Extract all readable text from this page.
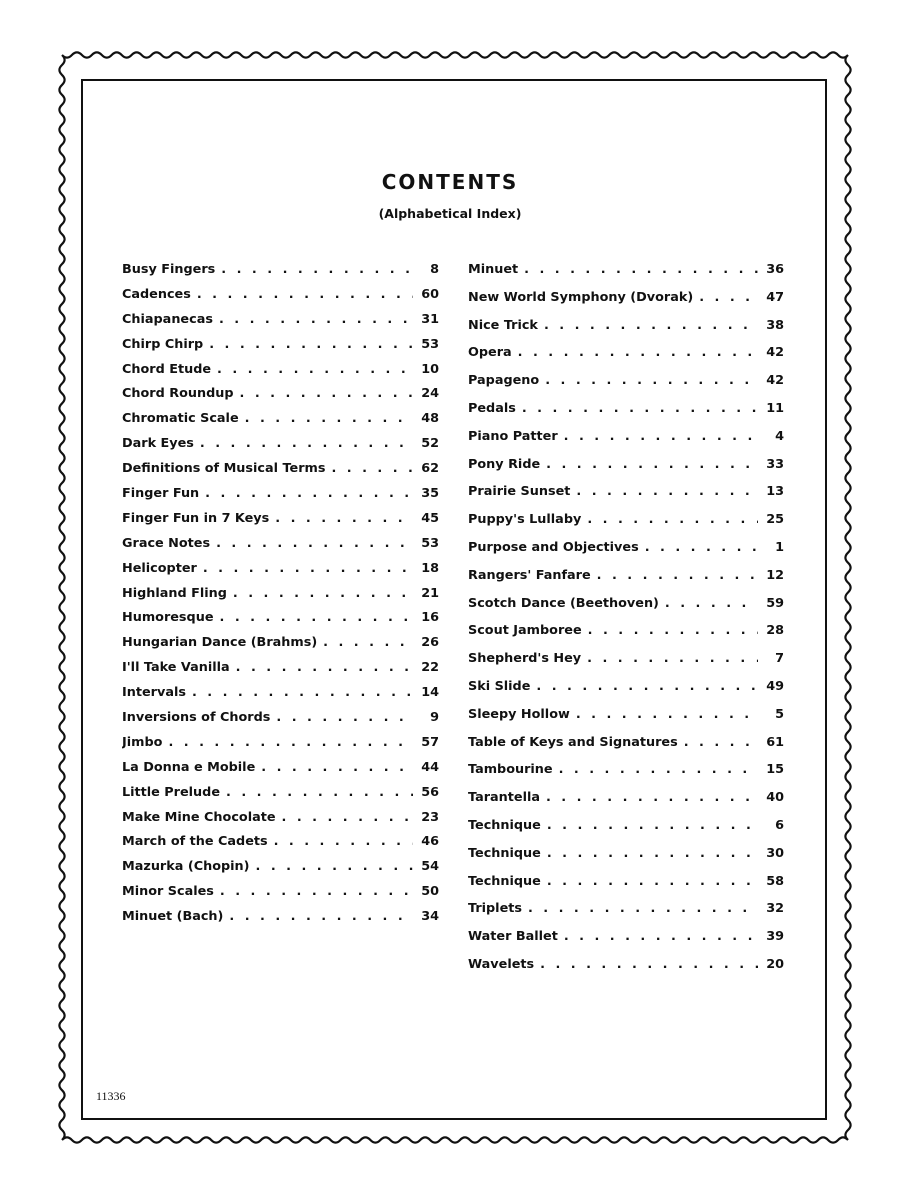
CONTENTS
(Alphabetical Index)
Busy Fingers . . .	8
Cadences . . .	60
Chiapanecas . . .	31
Chirp Chirp . . .	53
Chord Etude . . .	10
Chord Roundup . . .	24
Chromatic Scale . . .	48
Dark Eyes . . .	52
Definitions of Musical Terms . . .	62
Finger Fun . . .	35
Finger Fun in 7 Keys . . .	45
Grace Notes . . .	53
Helicopter . . .	18
Highland Fling . . .	21
Humoresque . . .	16
Hungarian Dance (Brahms) . . .	26
I'll Take Vanilla . . .	22
Intervals . . .	14
Inversions of Chords . . .	9
Jimbo . . .	57
La Donna e Mobile . . .	44
Little Prelude . . .	56
Make Mine Chocolate . . .	23
March of the Cadets . . .	46
Mazurka (Chopin) . . .	54
Minor Scales . . .	50
Minuet (Bach) . . .	34
Minuet . . .	36
New World Symphony (Dvorak) . . .	47
Nice Trick . . .	38
Opera . . .	42
Papageno . . .	42
Pedals . . .	11
Piano Patter . . .	4
Pony Ride . . .	33
Prairie Sunset . . .	13
Puppy's Lullaby . . .	25
Purpose and Objectives . . .	1
Rangers' Fanfare . . .	12
Scotch Dance (Beethoven) . . .	59
Scout Jamboree . . .	28
Shepherd's Hey . . .	7
Ski Slide . . .	49
Sleepy Hollow . . .	5
Table of Keys and Signatures . . .	61
Tambourine . . .	15
Tarantella . . .	40
Technique . . .	6
Technique . . .	30
Technique . . .	58
Triplets . . .	32
Water Ballet . . .	39
Wavelets . . .	20
11336
